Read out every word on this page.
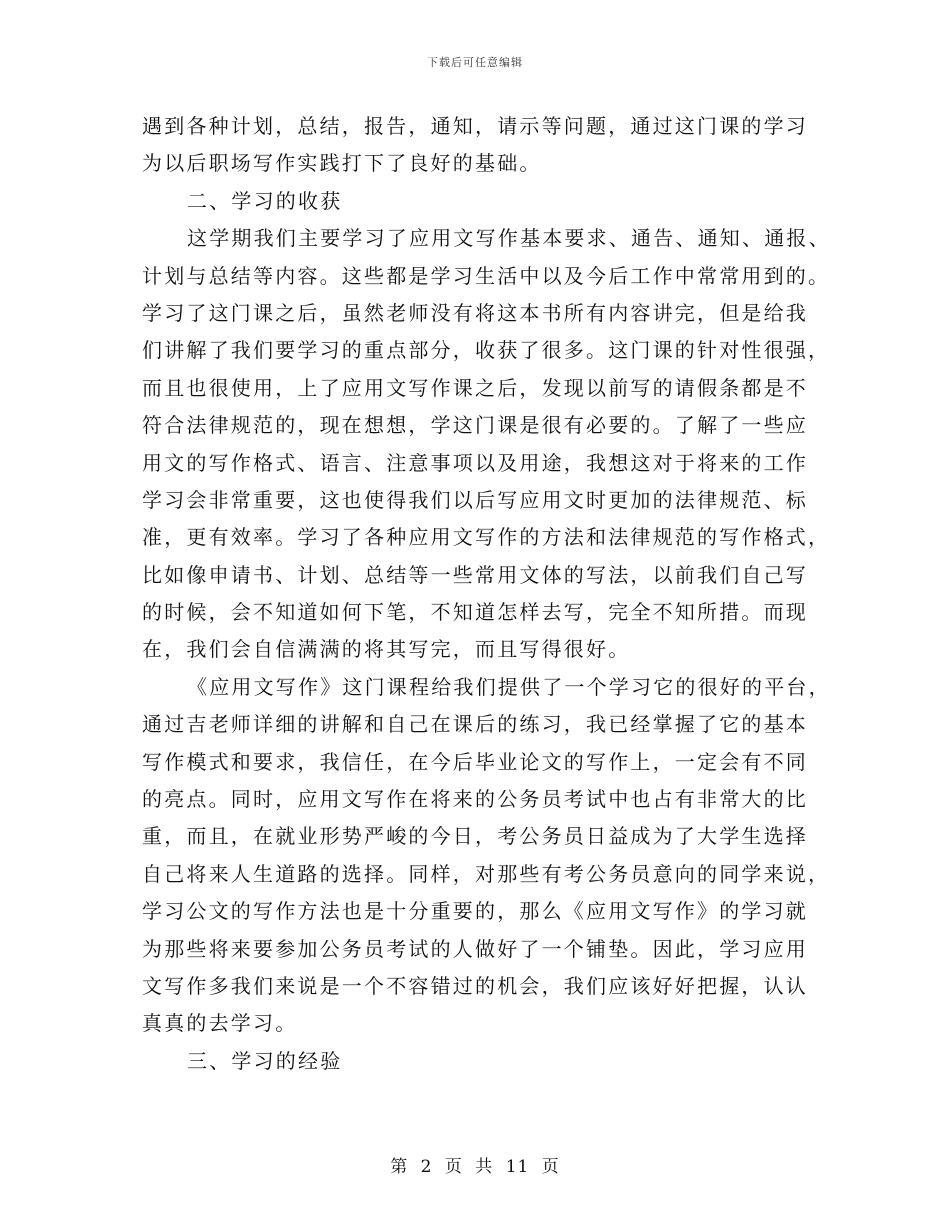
下载后可任意编辑
遇到各种计划，总结，报告，通知，请示等问题，通过这门课的学习
为以后职场写作实践打下了良好的基础。
二、学习的收获
这学期我们主要学习了应用文写作基本要求、通告、通知、通报、
计划与总结等内容。这些都是学习生活中以及今后工作中常常用到的。
学习了这门课之后，虽然老师没有将这本书所有内容讲完，但是给我
们讲解了我们要学习的重点部分，收获了很多。这门课的针对性很强，
而且也很使用，上了应用文写作课之后，发现以前写的请假条都是不
符合法律规范的，现在想想，学这门课是很有必要的。了解了一些应
用文的写作格式、语言、注意事项以及用途，我想这对于将来的工作
学习会非常重要，这也使得我们以后写应用文时更加的法律规范、标
准，更有效率。学习了各种应用文写作的方法和法律规范的写作格式，
比如像申请书、计划、总结等一些常用文体的写法，以前我们自己写
的时候，会不知道如何下笔，不知道怎样去写，完全不知所措。而现
在，我们会自信满满的将其写完，而且写得很好。
《应用文写作》这门课程给我们提供了一个学习它的很好的平台，
通过吉老师详细的讲解和自己在课后的练习，我已经掌握了它的基本
写作模式和要求，我信任，在今后毕业论文的写作上，一定会有不同
的亮点。同时，应用文写作在将来的公务员考试中也占有非常大的比
重，而且，在就业形势严峻的今日，考公务员日益成为了大学生选择
自己将来人生道路的选择。同样，对那些有考公务员意向的同学来说，
学习公文的写作方法也是十分重要的，那么《应用文写作》的学习就
为那些将来要参加公务员考试的人做好了一个铺垫。因此，学习应用
文写作多我们来说是一个不容错过的机会，我们应该好好把握，认认
真真的去学习。
三、学习的经验
第 2 页 共 11 页
